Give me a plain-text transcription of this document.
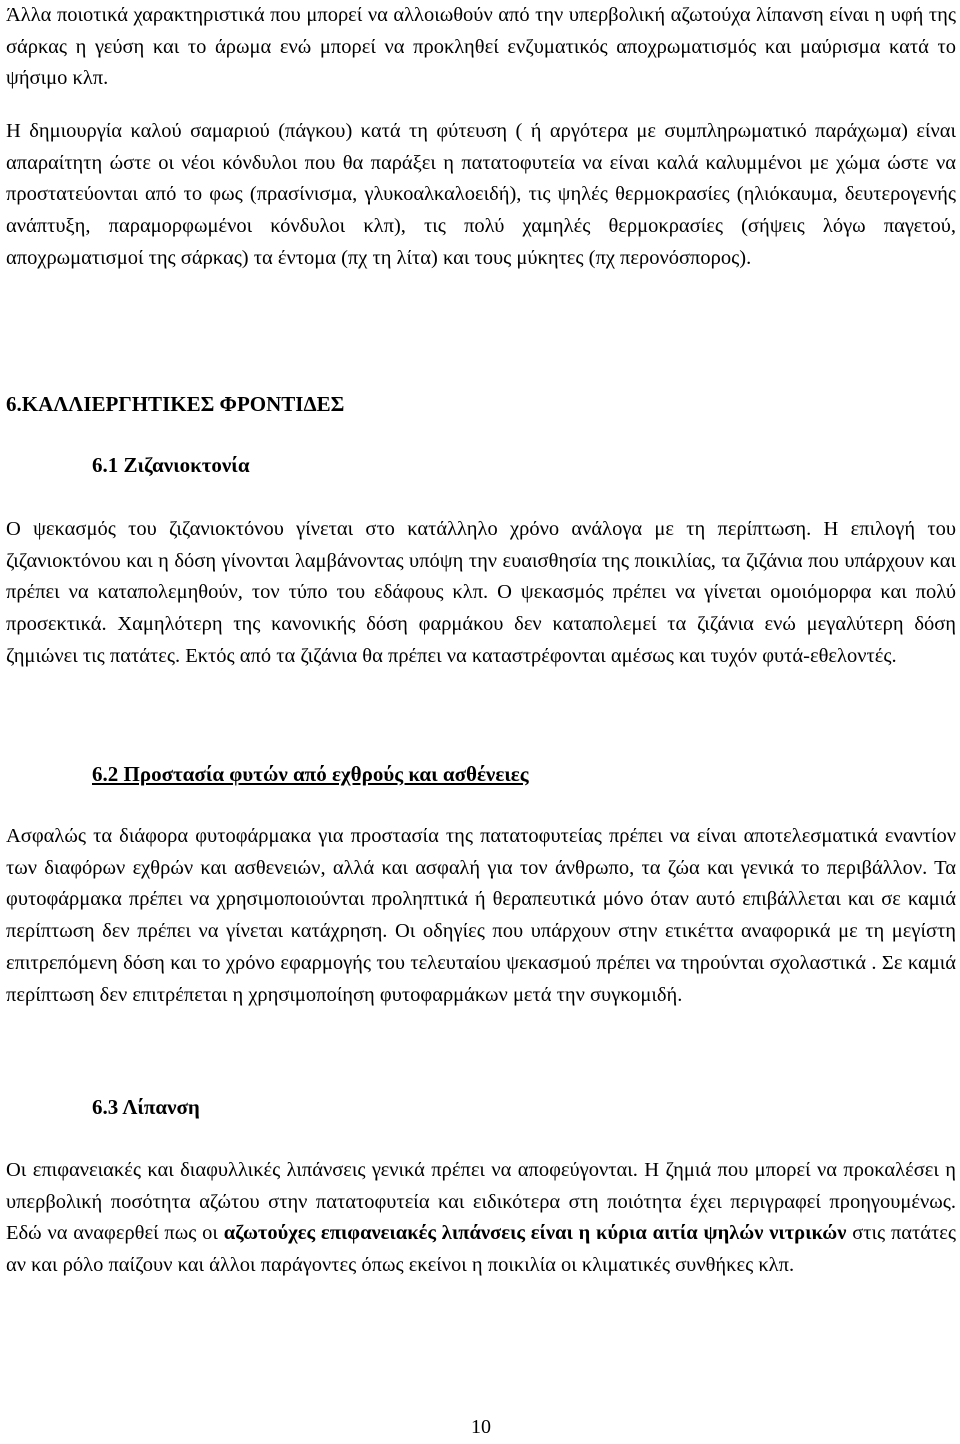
Άλλα ποιοτικά χαρακτηριστικά που μπορεί να αλλοιωθούν από την υπερβολική αζωτούχα λίπανση είναι η υφή της σάρκας η γεύση και το άρωμα ενώ μπορεί να προκληθεί ενζυματικός αποχρωματισμός και μαύρισμα κατά το ψήσιμο κλπ.

Η δημιουργία καλού σαμαριού (πάγκου) κατά τη φύτευση ( ή αργότερα με συμπληρωματικό παράχωμα) είναι απαραίτητη ώστε οι νέοι κόνδυλοι που θα παράξει η πατατοφυτεία να είναι καλά καλυμμένοι με χώμα ώστε να προστατεύονται από το φως (πρασίνισμα, γλυκοαλκαλοειδή), τις ψηλές θερμοκρασίες (ηλιόκαυμα, δευτερογενής ανάπτυξη, παραμορφωμένοι κόνδυλοι κλπ), τις πολύ χαμηλές θερμοκρασίες (σήψεις λόγω παγετού, αποχρωματισμοί της σάρκας) τα έντομα (πχ τη λίτα) και τους μύκητες (πχ περονόσπορος).

6.ΚΑΛΛΙΕΡΓΗΤΙΚΕΣ ΦΡΟΝΤΙΔΕΣ
6.1 Ζιζανιοκτονία

Ο ψεκασμός του ζιζανιοκτόνου γίνεται στο κατάλληλο χρόνο ανάλογα με τη περίπτωση. Η επιλογή του ζιζανιοκτόνου και η δόση γίνονται λαμβάνοντας υπόψη την ευαισθησία της ποικιλίας, τα ζιζάνια που υπάρχουν και πρέπει να καταπολεμηθούν, τον τύπο του εδάφους κλπ. Ο ψεκασμός πρέπει να γίνεται ομοιόμορφα και πολύ προσεκτικά. Χαμηλότερη της κανονικής δόση φαρμάκου δεν καταπολεμεί τα ζιζάνια ενώ μεγαλύτερη δόση ζημιώνει τις πατάτες. Εκτός από τα ζιζάνια θα πρέπει να καταστρέφονται αμέσως και τυχόν φυτά-εθελοντές.

6.2 Προστασία φυτών από εχθρούς και ασθένειες

Ασφαλώς τα διάφορα φυτοφάρμακα για προστασία της πατατοφυτείας πρέπει να είναι αποτελεσματικά εναντίον των διαφόρων εχθρών και ασθενειών, αλλά και ασφαλή για τον άνθρωπο, τα ζώα και γενικά το περιβάλλον. Τα φυτοφάρμακα πρέπει να χρησιμοποιούνται προληπτικά ή θεραπευτικά μόνο όταν αυτό επιβάλλεται και σε καμιά περίπτωση δεν πρέπει να γίνεται κατάχρηση. Οι οδηγίες που υπάρχουν στην ετικέττα αναφορικά με τη μεγίστη επιτρεπόμενη δόση και το χρόνο εφαρμογής του τελευταίου ψεκασμού πρέπει να τηρούνται σχολαστικά . Σε καμιά περίπτωση δεν επιτρέπεται η χρησιμοποίηση φυτοφαρμάκων μετά την συγκομιδή.

6.3 Λίπανση

Οι επιφανειακές και διαφυλλικές λιπάνσεις γενικά πρέπει να αποφεύγονται. Η ζημιά που μπορεί να προκαλέσει η υπερβολική ποσότητα αζώτου στην πατατοφυτεία και ειδικότερα στη ποιότητα έχει περιγραφεί προηγουμένως. Εδώ να αναφερθεί πως οι αζωτούχες επιφανειακές λιπάνσεις είναι η κύρια αιτία ψηλών νιτρικών στις πατάτες αν και ρόλο παίζουν και άλλοι παράγοντες όπως εκείνοι η ποικιλία οι κλιματικές συνθήκες κλπ.

10
